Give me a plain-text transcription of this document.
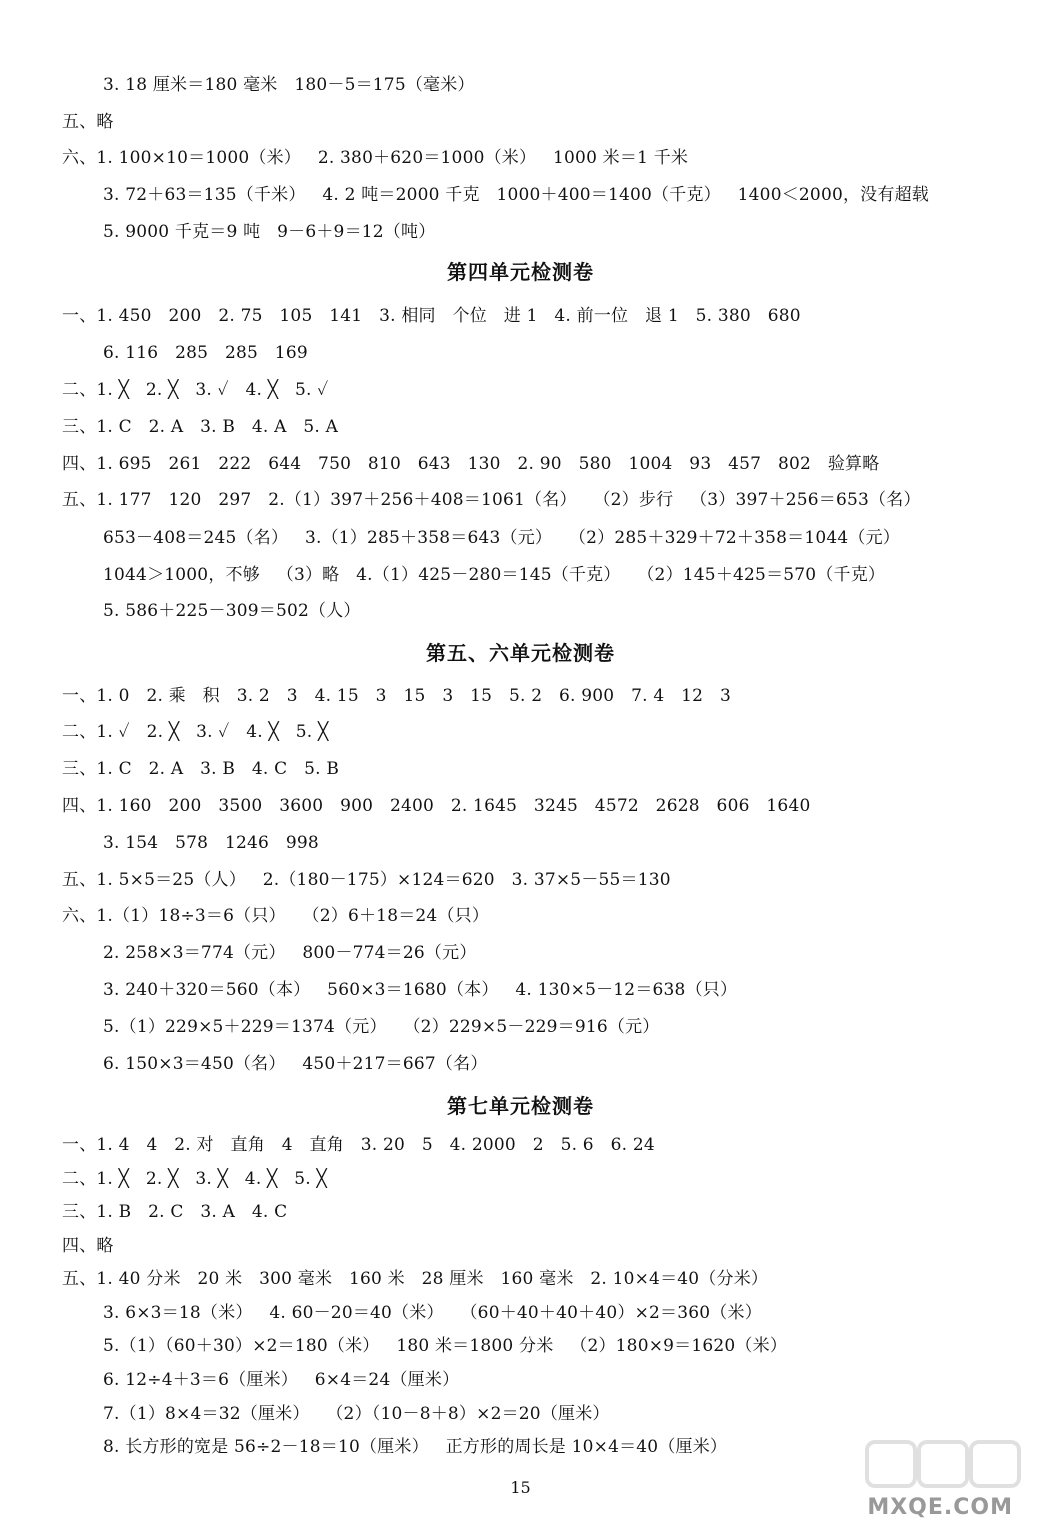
3. 18 厘米＝180 毫米   180－5＝175（毫米）
五、略
六、1. 100×10＝1000（米）   2. 380＋620＝1000（米）   1000 米＝1 千米
3. 72＋63＝135（千米）   4. 2 吨＝2000 千克   1000＋400＝1400（千克）   1400＜2000，没有超载
5. 9000 千克＝9 吨   9－6＋9＝12（吨）
第四单元检测卷
一、1. 450   200   2. 75   105   141   3. 相同   个位   进 1   4. 前一位   退 1   5. 380   680
6. 116   285   285   169
二、1. ╳   2. ╳   3. ✓   4. ╳   5. ✓
三、1. C   2. A   3. B   4. A   5. A
四、1. 695   261   222   644   750   810   643   130   2. 90   580   1004   93   457   802   验算略
五、1. 177   120   297   2.（1）397＋256＋408＝1061（名）   （2）步行   （3）397＋256＝653（名）
653－408＝245（名）   3.（1）285＋358＝643（元）   （2）285＋329＋72＋358＝1044（元）
1044＞1000，不够   （3）略   4.（1）425－280＝145（千克）   （2）145＋425＝570（千克）
5. 586＋225－309＝502（人）
第五、六单元检测卷
一、1. 0   2. 乘   积   3. 2   3   4. 15   3   15   3   15   5. 2   6. 900   7. 4   12   3
二、1. ✓   2. ╳   3. ✓   4. ╳   5. ╳
三、1. C   2. A   3. B   4. C   5. B
四、1. 160   200   3500   3600   900   2400   2. 1645   3245   4572   2628   606   1640
3. 154   578   1246   998
五、1. 5×5＝25（人）   2.（180－175）×124＝620   3. 37×5－55＝130
六、1.（1）18÷3＝6（只）   （2）6＋18＝24（只）
2. 258×3＝774（元）   800－774＝26（元）
3. 240＋320＝560（本）   560×3＝1680（本）   4. 130×5－12＝638（只）
5.（1）229×5＋229＝1374（元）   （2）229×5－229＝916（元）
6. 150×3＝450（名）   450＋217＝667（名）
第七单元检测卷
一、1. 4   4   2. 对   直角   4   直角   3. 20   5   4. 2000   2   5. 6   6. 24
二、1. ╳   2. ╳   3. ╳   4. ╳   5. ╳
三、1. B   2. C   3. A   4. C
四、略
五、1. 40 分米   20 米   300 毫米   160 米   28 厘米   160 毫米   2. 10×4＝40（分米）
3. 6×3＝18（米）   4. 60－20＝40（米）   （60＋40＋40＋40）×2＝360（米）
5.（1）（60＋30）×2＝180（米）   180 米＝1800 分米   （2）180×9＝1620（米）
6. 12÷4＋3＝6（厘米）   6×4＝24（厘米）
7.（1）8×4＝32（厘米）   （2）（10－8＋8）×2＝20（厘米）
8. 长方形的宽是 56÷2－18＝10（厘米）   正方形的周长是 10×4＝40（厘米）
15
MXQE.COM
